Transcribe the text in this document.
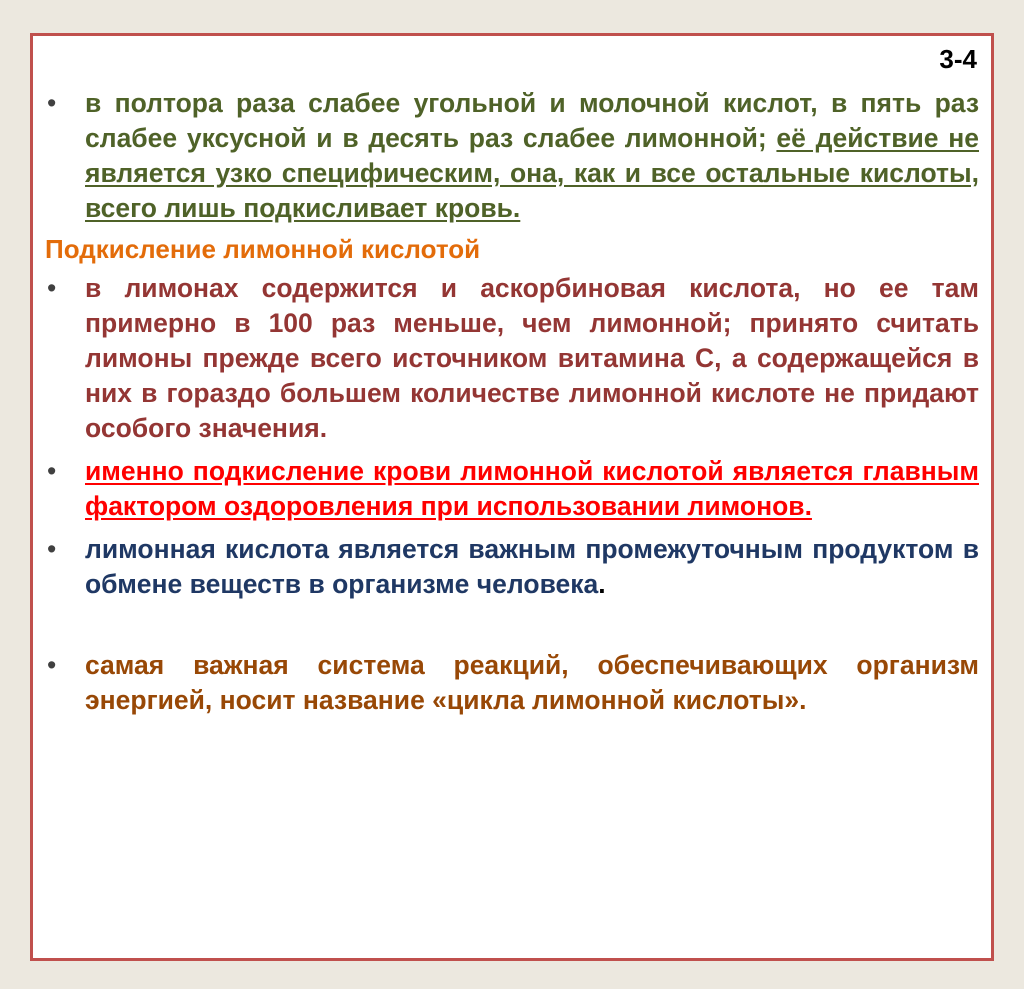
3-4

• в полтора раза слабее угольной и молочной кислот, в пять раз слабее уксусной и в десять раз слабее лимонной; её действие не является узко специфическим, она, как и все остальные кислоты, всего лишь подкисливает кровь.

Подкисление лимонной кислотой

• в лимонах содержится и аскорбиновая кислота, но ее там примерно в 100 раз меньше, чем лимонной; принято считать лимоны прежде всего источником витамина С, а содержащейся в них в гораздо большем количестве лимонной кислоте не придают особого значения.

• именно подкисление крови лимонной кислотой является главным фактором оздоровления при использовании лимонов.

• лимонная кислота является важным промежуточным продуктом в обмене веществ в организме человека.

• самая важная система реакций, обеспечивающих организм энергией, носит название «цикла лимонной кислоты».
